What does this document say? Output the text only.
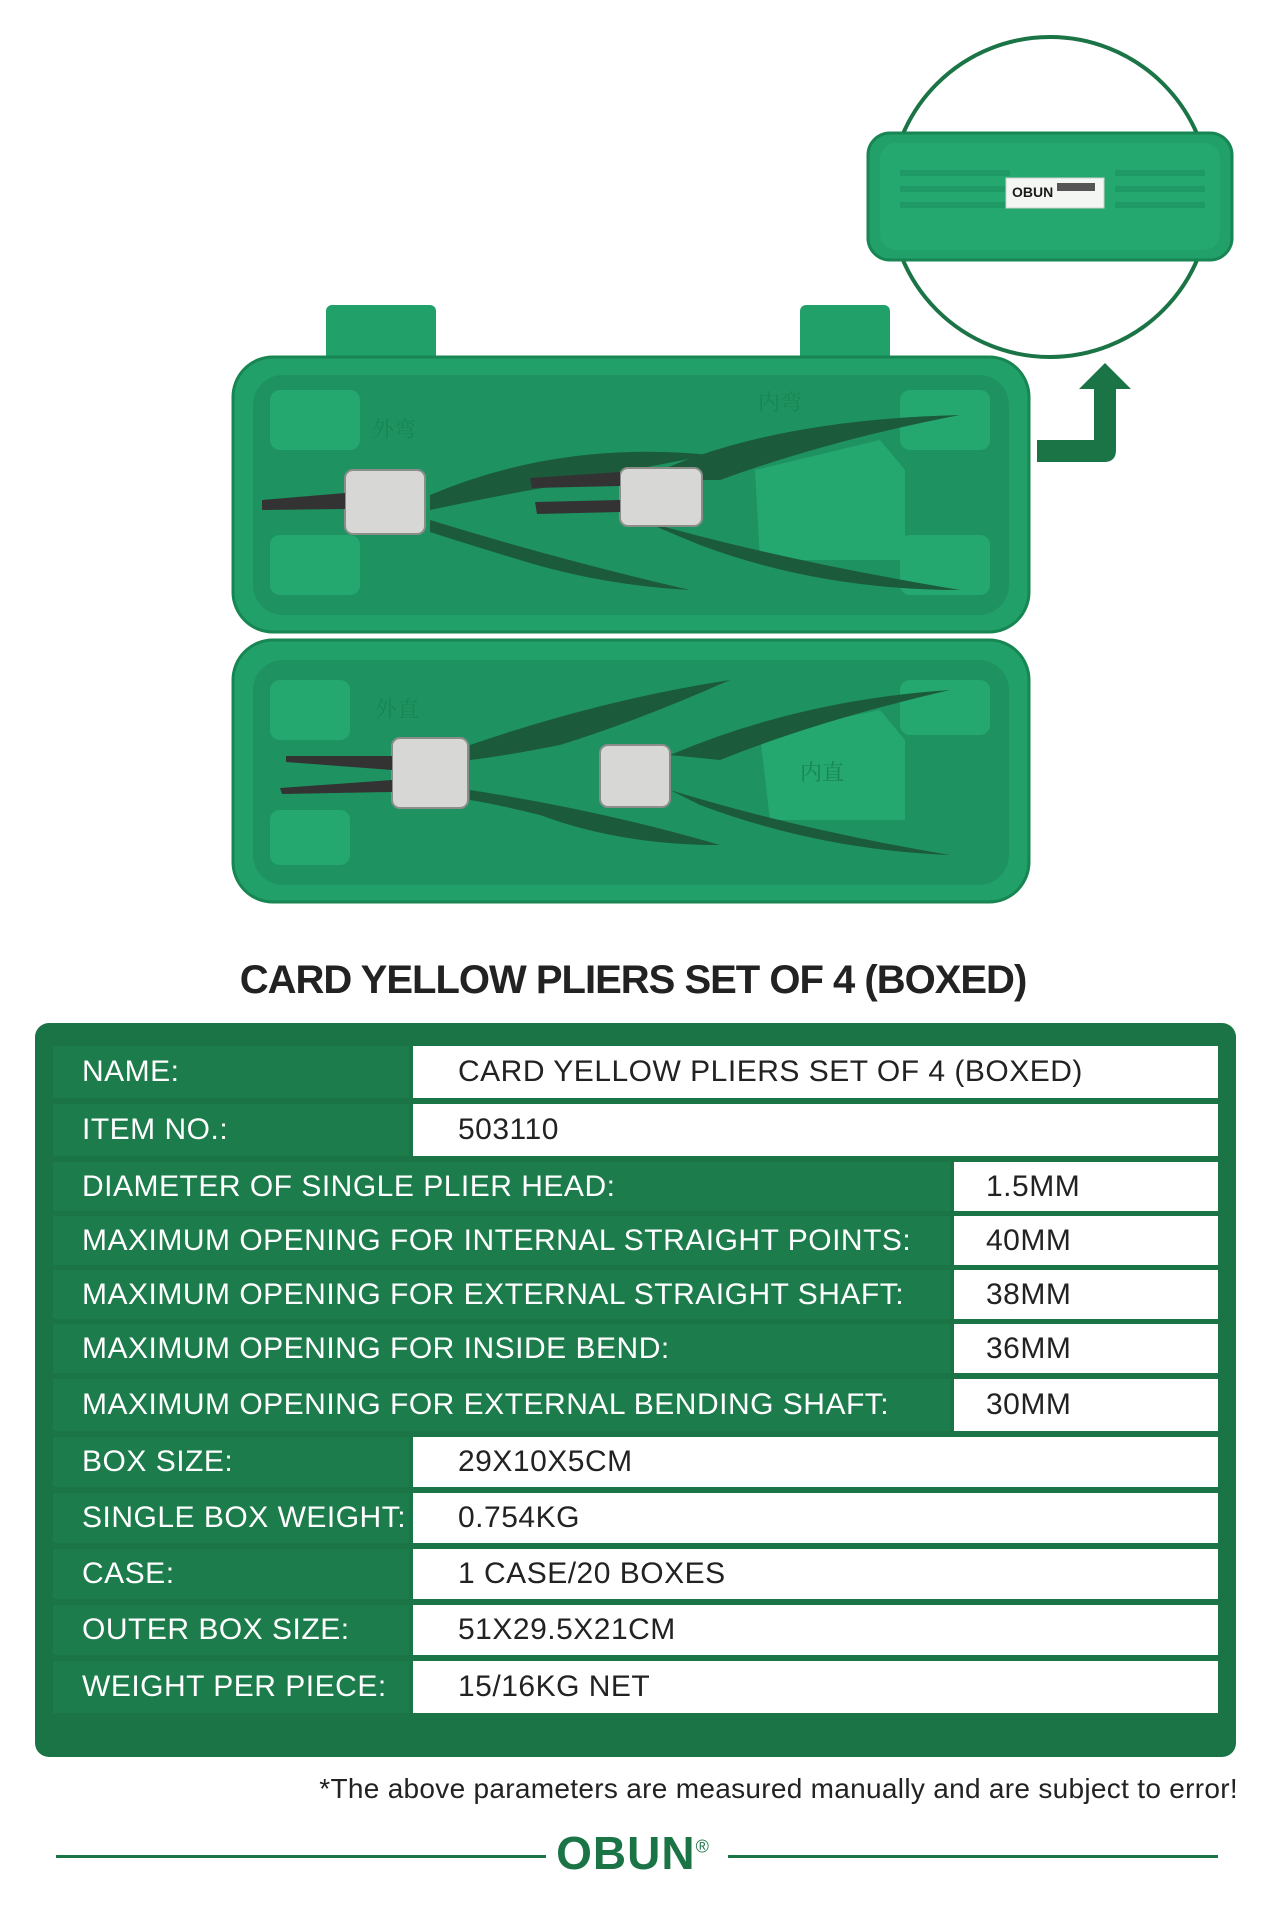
OBUN
外弯
内弯
外直
内直
CARD YELLOW PLIERS SET OF 4 (BOXED)
NAME:	CARD YELLOW PLIERS SET OF 4 (BOXED)
ITEM NO.:	503110
DIAMETER OF SINGLE PLIER HEAD:	1.5MM
MAXIMUM OPENING FOR INTERNAL STRAIGHT POINTS:	40MM
MAXIMUM OPENING FOR EXTERNAL STRAIGHT SHAFT:	38MM
MAXIMUM OPENING FOR INSIDE BEND:	36MM
MAXIMUM OPENING FOR EXTERNAL BENDING SHAFT:	30MM
BOX SIZE:	29X10X5CM
SINGLE BOX WEIGHT:	0.754KG
CASE:	1 CASE/20 BOXES
OUTER BOX SIZE:	51X29.5X21CM
WEIGHT PER PIECE:	15/16KG NET
*The above parameters are measured manually and are subject to error!
OBUN®
